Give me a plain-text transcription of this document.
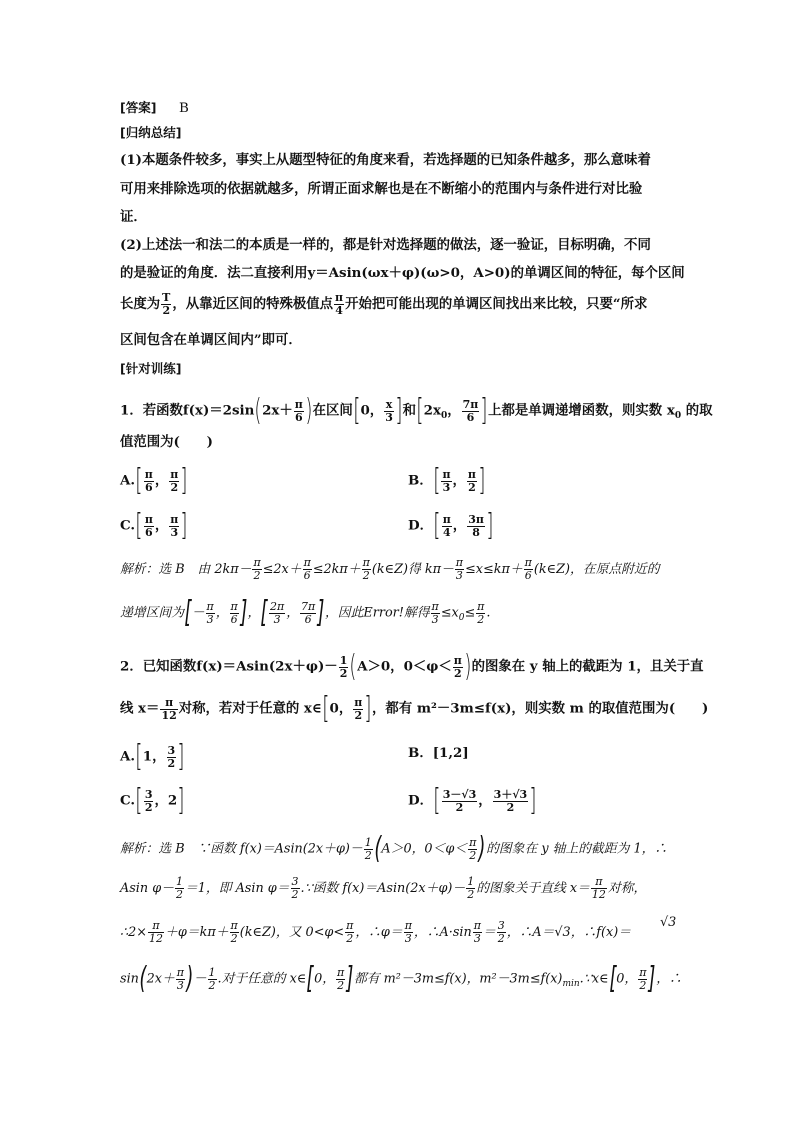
[答案] B
[归纳总结]
(1)本题条件较多，事实上从题型特征的角度来看，若选择题的已知条件越多，那么意味着
可用来排除选项的依据就越多，所谓正面求解也是在不断缩小的范围内与条件进行对比验
证．
(2)上述法一和法二的本质是一样的，都是针对选择题的做法，逐一验证，目标明确，不同
的是验证的角度．法二直接利用y＝Asin(ωx＋φ)(ω>0，A>0)的单调区间的特征，每个区间
长度为 $\frac{T}{2}$ ，从靠近区间的特殊极值点 $\frac{\pi}{4}$ 开始把可能出现的单调区间找出来比较，只要“所求
区间包含在单调区间内”即可．
[针对训练]
1．若函数$f(x)=2\sin(2x+ \frac{\pi}{6}$ )在区间[0， $\frac{x}{3}$ ]和[$2x_0$， $\frac{7\pi}{6}$ ]上都是单调递增函数，则实数 $x_0$ 的取
值范围为(　　)
$A.[ \frac{\pi}{6}$ ， $\frac{\pi}{2}$ ]	B．[ $\frac{\pi}{3}$ ， $\frac{\pi}{2}$ ]
$C.[ \frac{\pi}{6}$ ， $\frac{\pi}{3}$ ]	D．[ $\frac{\pi}{4}$ ， $\frac{3\pi}{8}$ ]
解析：选 B　由 $2k\pi- \frac{\pi}{2} \le 2x+ \frac{\pi}{6} \le 2k\pi+ \frac{\pi}{2}$ (k∈Z)得 $k\pi- \frac{\pi}{3} \le x\le k\pi+ \frac{\pi}{6}$ (k∈Z)，在原点附近的
递增区间为[－ $\frac{\pi}{3}$ ， $\frac{\pi}{6}$ ]，[ $\frac{2\pi}{3}$ ， $\frac{7\pi}{6}$ ]，因此Error!解得 $\frac{\pi}{3} \le x_0\le \frac{\pi}{2}$ .
2．已知函数$f(x)=Asin(2x+\varphi)- \frac{1}{2} (A>0$，$0<\varphi< \frac{\pi}{2}$ )的图象在 y 轴上的截距为 1，且关于直
线 $x= \frac{\pi}{12}$ 对称，若对于任意的 x∈[0， $\frac{\pi}{2}$ ]，都有 m²－3m≤f(x)，则实数 m 的取值范围为(　　)
A.[1， $\frac{3}{2}$ ]	B．[1,2]
$C.[ \frac{3}{2}$ ，2]	D．[ $\frac{3-√3}{2}$ ， $\frac{3+√3}{2}$ ]
解析：选 B　∵函数 $f(x)=Asin(2x+\varphi)- \frac{1}{2} (A>0$，$0<\varphi< \frac{\pi}{2}$ )的图象在 y 轴上的截距为 1，∴
Asin $\varphi- \frac{1}{2} =1$，即 Asin $\varphi= \frac{3}{2}$ .∵函数 $f(x)=Asin(2x+\varphi)- \frac{1}{2}$ 的图象关于直线 $x= \frac{\pi}{12}$ 对称，
∴2× $\frac{\pi}{12} +\varphi=k\pi+ \frac{\pi}{2}$ (k∈Z)，又 $0<\varphi< \frac{\pi}{2}$ ，∴φ＝ $\frac{\pi}{3}$ ，∴A·sin $\frac{\pi}{3} = \frac{3}{2}$ ，∴A＝√3，∴f(x)＝
√3
$\sin(2x+ \frac{\pi}{3}$ )－ $\frac{1}{2}$ .对于任意的 x∈[0， $\frac{\pi}{2}$ ]都有 m²－3m≤f(x)，$m^2-3m\le f(x)_{min}.\because x\in[0$， $\frac{\pi}{2}$ ]，∴
